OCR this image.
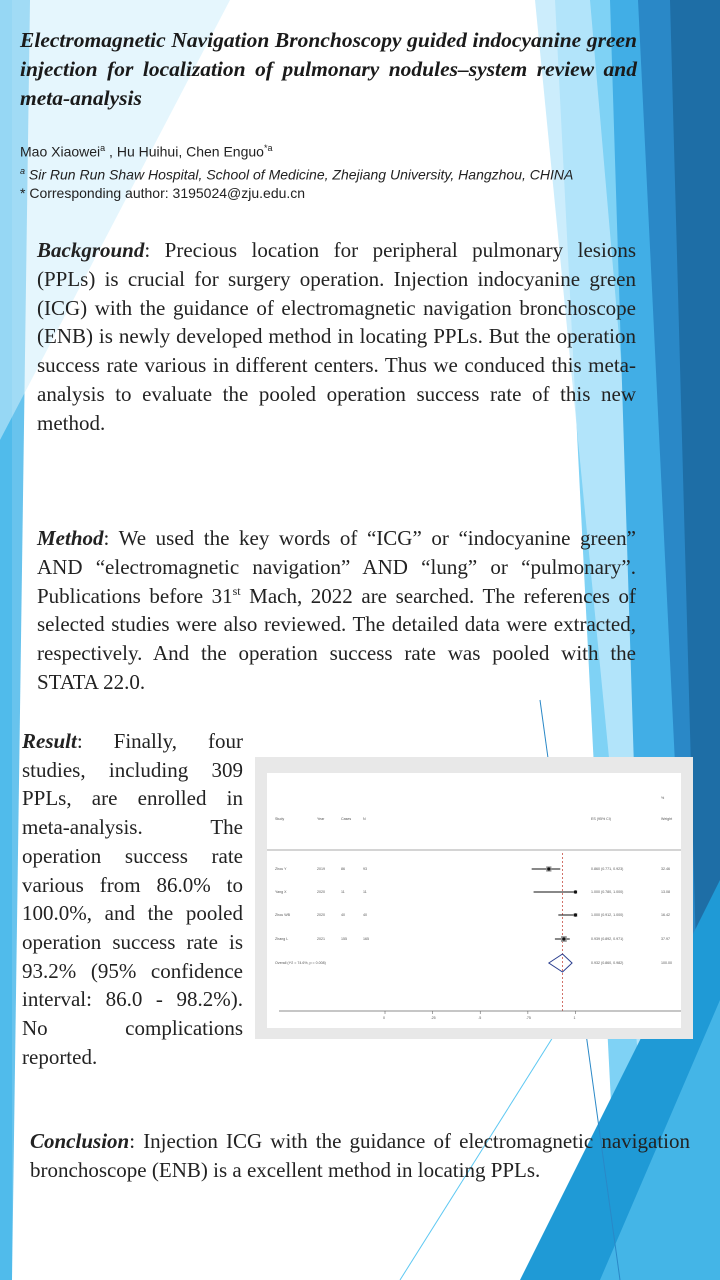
Electromagnetic Navigation Bronchoscopy guided indocyanine green injection for localization of pulmonary nodules–system review and meta-analysis
Mao Xiaowei$^a$ , Hu Huihui, Chen Enguo$^{*a}$
$^a$ Sir Run Run Shaw Hospital, School of Medicine, Zhejiang University, Hangzhou, CHINA
* Corresponding author: 3195024@zju.edu.cn

Background: Precious location for peripheral pulmonary lesions (PPLs) is crucial for surgery operation. Injection indocyanine green (ICG) with the guidance of electromagnetic navigation bronchoscope (ENB) is newly developed method in locating PPLs. But the operation success rate various in different centers. Thus we conduced this meta-analysis to evaluate the pooled operation success rate of this new method.

Method: We used the key words of “ICG” or “indocyanine green” AND “electromagnetic navigation” AND “lung” or “pulmonary”. Publications before 31st Mach, 2022 are searched. The references of selected studies were also reviewed. The detailed data were extracted, respectively. And the operation success rate was pooled with the STATA 22.0.

Result: Finally, four studies, including 309 PPLs, are enrolled in meta-analysis. The operation success rate various from 86.0% to 100.0%, and the pooled operation success rate is 93.2% (95% confidence interval: 86.0 - 98.2%). No complications reported.

Study	Year	Cases	N	ES (95% CI)
%
Weight
Zhou Y	2019	86	93	0.860 (0.771, 0.923)	32.46
Yang X	2020	11	11	1.000 (0.780, 1.000)	13.08
Zhou WB	2020	40	40	1.000 (0.912, 1.000)	16.42
Zhang L	2021	155	165	0.939 (0.892, 0.971)	37.97
Overall (I^2 = 74.6%, p = 0.008)	0.932 (0.860, 0.982)	100.00
0	.25	.5	.75	1

Conclusion: Injection ICG with the guidance of electromagnetic navigation bronchoscope (ENB) is a excellent method in locating PPLs.
